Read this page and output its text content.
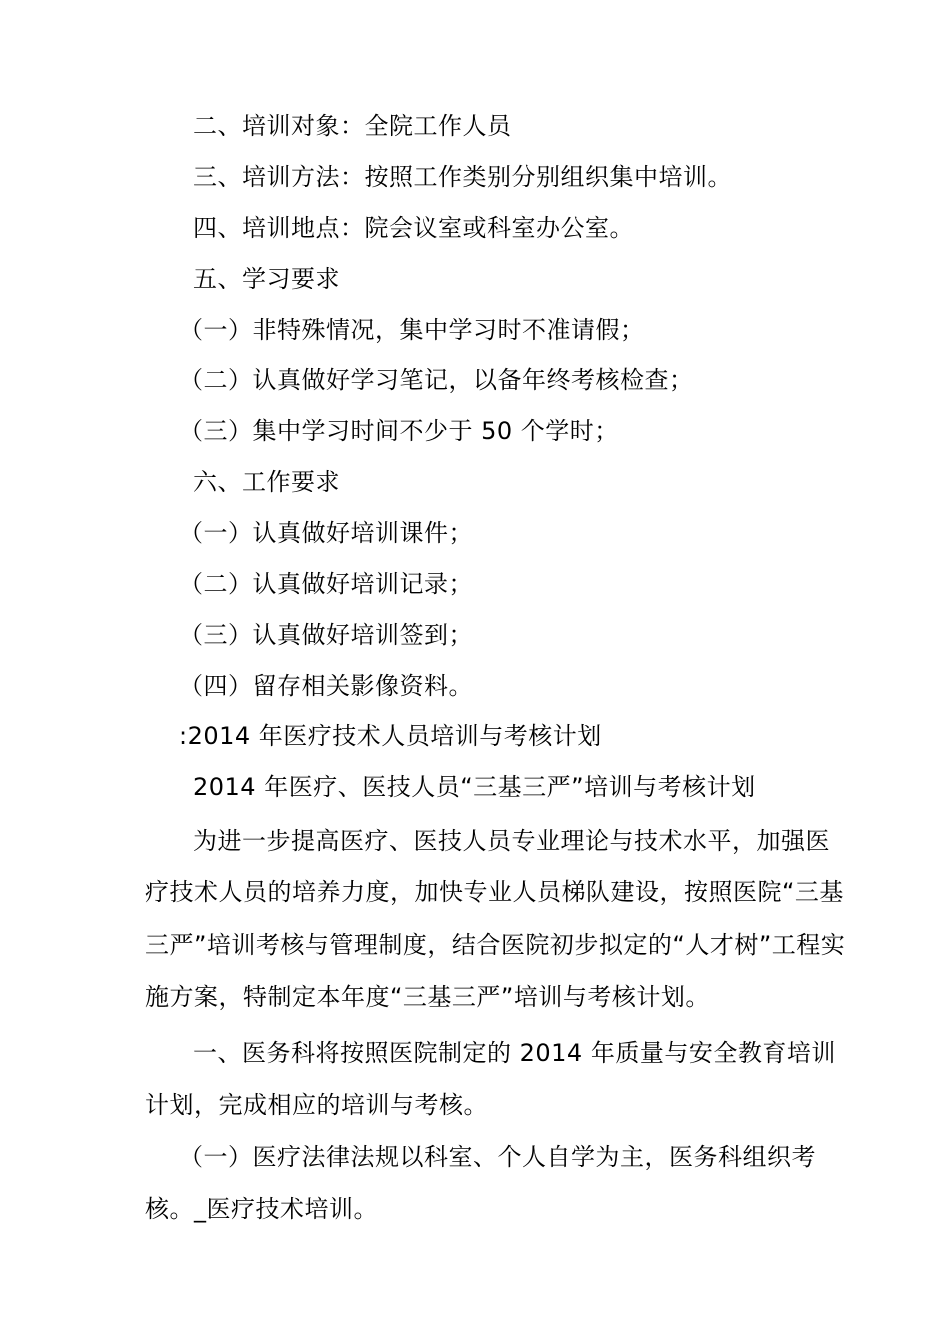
二、培训对象：全院工作人员
三、培训方法：按照工作类别分别组织集中培训。
四、培训地点：院会议室或科室办公室。
五、学习要求
（一）非特殊情况，集中学习时不准请假；
（二）认真做好学习笔记，以备年终考核检查；
（三）集中学习时间不少于 50 个学时；
六、工作要求
（一）认真做好培训课件；
（二）认真做好培训记录；
（三）认真做好培训签到；
（四）留存相关影像资料。
:2014 年医疗技术人员培训与考核计划
2014 年医疗、医技人员“三基三严”培训与考核计划
为进一步提高医疗、医技人员专业理论与技术水平，加强医
疗技术人员的培养力度，加快专业人员梯队建设，按照医院“三基
三严”培训考核与管理制度，结合医院初步拟定的“人才树”工程实
施方案，特制定本年度“三基三严”培训与考核计划。
一、医务科将按照医院制定的 2014 年质量与安全教育培训
计划，完成相应的培训与考核。
（一）医疗法律法规以科室、个人自学为主，医务科组织考
核。_医疗技术培训。
